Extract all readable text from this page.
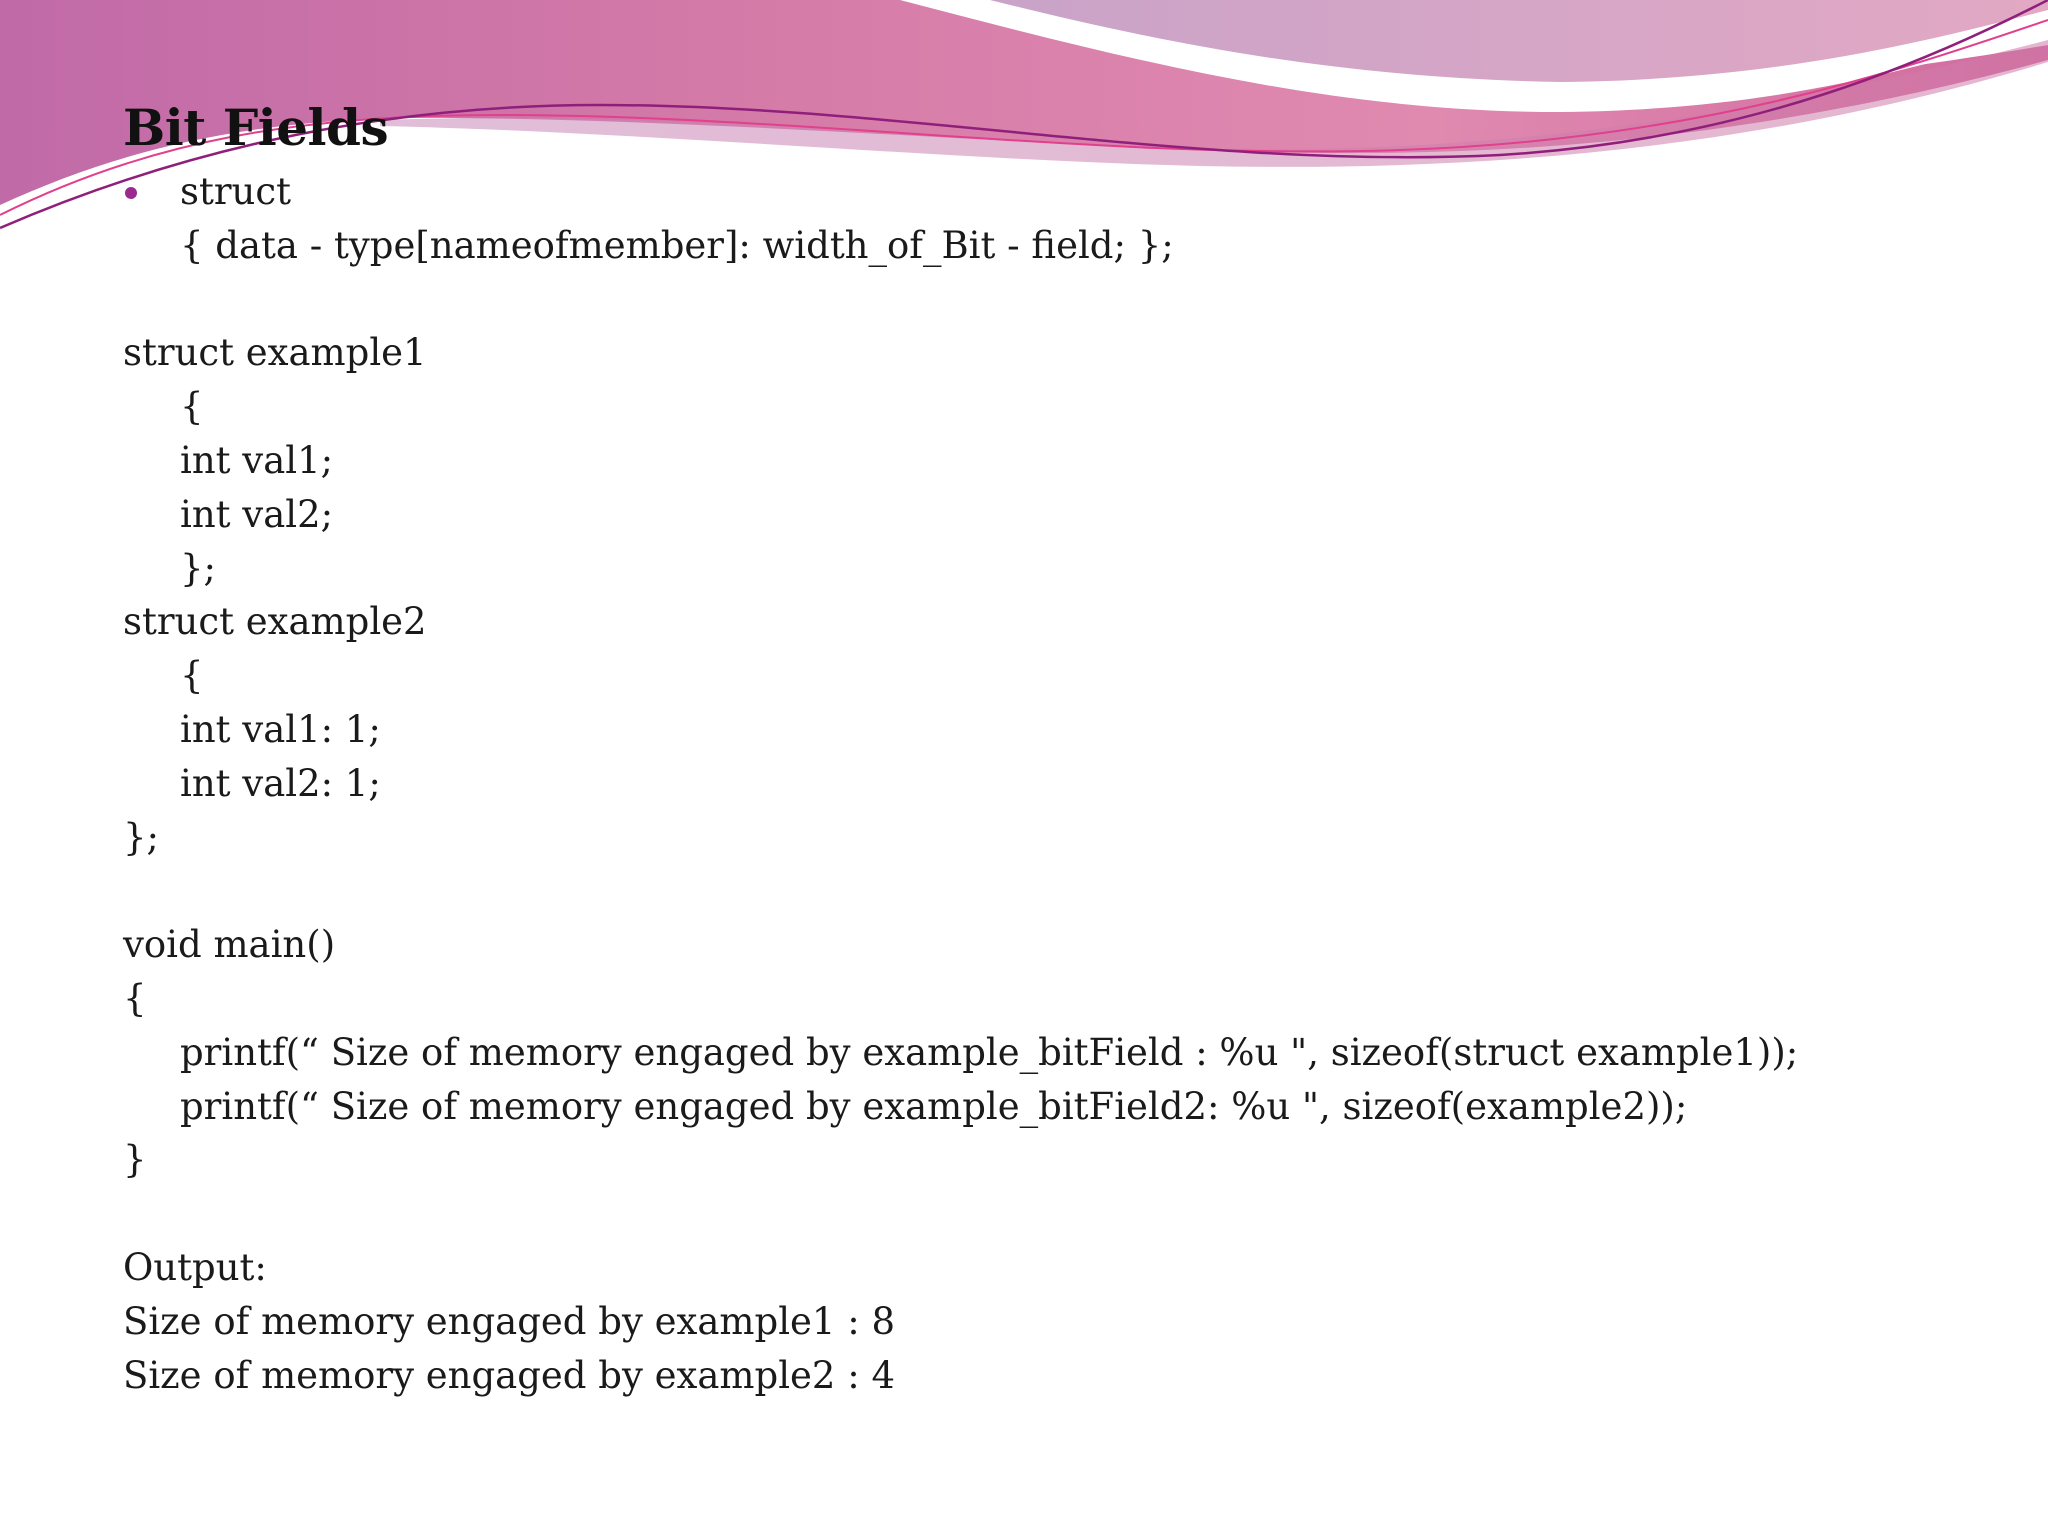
Bit Fields
struct
{ data - type[nameofmember]: width_of_Bit - field; };
struct example1
{
int val1;
int val2;
};
struct example2
{
int val1: 1;
int val2: 1;
};
void main()
{
printf(“ Size of memory engaged by example_bitField : %u ", sizeof(struct example1));
printf(“ Size of memory engaged by example_bitField2: %u ", sizeof(example2));
}
Output:
Size of memory engaged by example1 : 8
Size of memory engaged by example2 : 4
